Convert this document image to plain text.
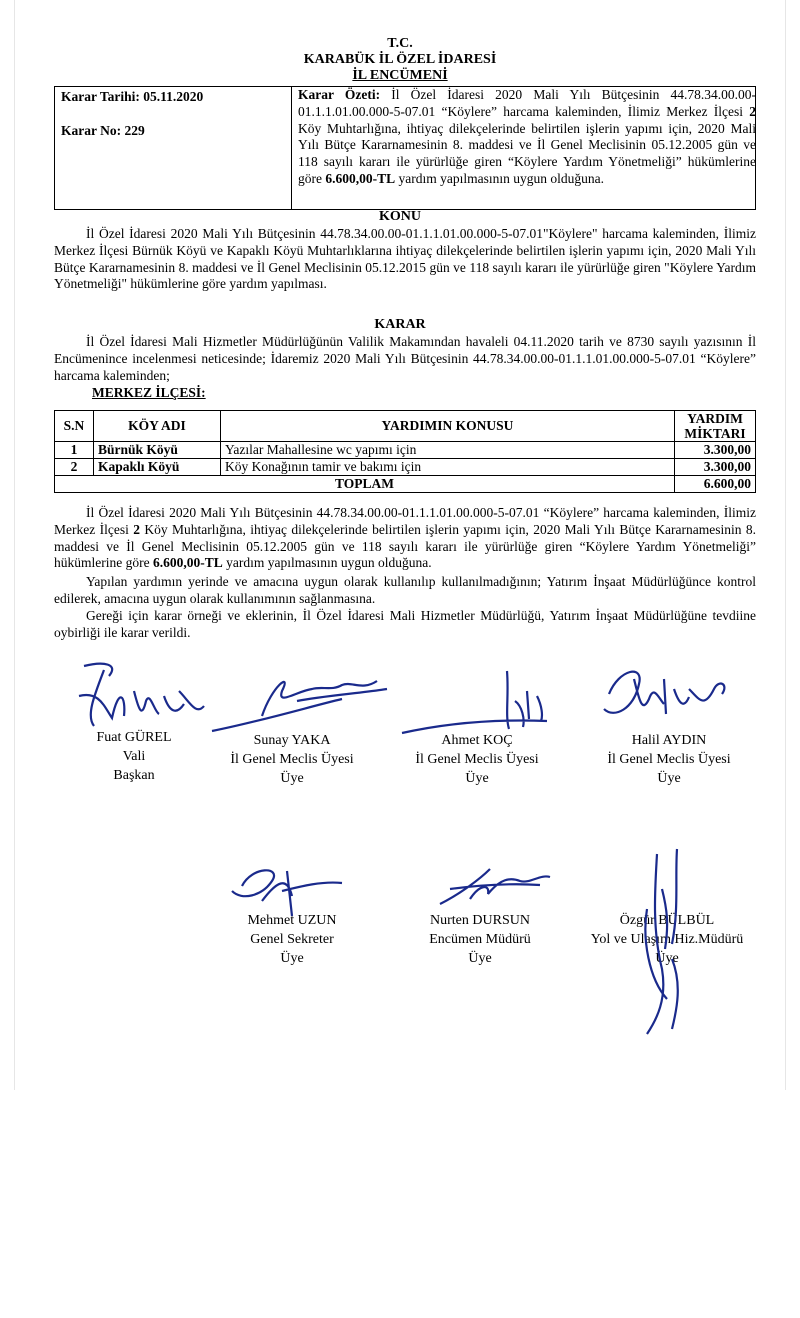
T.C.
KARABÜK İL ÖZEL İDARESİ
İL ENCÜMENİ
Karar Tarihi: 05.11.2020
Karar No: 229
Karar Özeti: İl Özel İdaresi 2020 Mali Yılı Bütçesinin 44.78.34.00.00-01.1.1.01.00.000-5-07.01 “Köylere” harcama kaleminden, İlimiz Merkez İlçesi 2 Köy Muhtarlığına, ihtiyaç dilekçelerinde belirtilen işlerin yapımı için, 2020 Mali Yılı Bütçe Kararnamesinin 8. maddesi ve İl Genel Meclisinin 05.12.2005 gün ve 118 sayılı kararı ile yürürlüğe giren “Köylere Yardım Yönetmeliği” hükümlerine göre 6.600,00-TL yardım yapılmasının uygun olduğuna.
KONU
İl Özel İdaresi 2020 Mali Yılı Bütçesinin 44.78.34.00.00-01.1.1.01.00.000-5-07.01"Köylere" harcama kaleminden, İlimiz Merkez İlçesi Bürnük Köyü ve Kapaklı Köyü Muhtarlıklarına ihtiyaç dilekçelerinde belirtilen işlerin yapımı için, 2020 Mali Yılı Bütçe Kararnamesinin 8. maddesi ve İl Genel Meclisinin 05.12.2015 gün ve 118 sayılı kararı ile yürürlüğe giren "Köylere Yardım Yönetmeliği" hükümlerine göre yardım yapılması.
KARAR
İl Özel İdaresi Mali Hizmetler Müdürlüğünün Valilik Makamından havaleli 04.11.2020 tarih ve 8730 sayılı yazısının İl Encümenince incelenmesi neticesinde; İdaremiz 2020 Mali Yılı Bütçesinin 44.78.34.00.00-01.1.1.01.00.000-5-07.01 “Köylere” harcama kaleminden;
MERKEZ İLÇESİ:
S.N	KÖY ADI	YARDIMIN KONUSU	YARDIM MİKTARI
1	Bürnük Köyü	Yazılar Mahallesine wc yapımı için	3.300,00
2	Kapaklı Köyü	Köy Konağının tamir ve bakımı için	3.300,00
TOPLAM			6.600,00
İl Özel İdaresi 2020 Mali Yılı Bütçesinin 44.78.34.00.00-01.1.1.01.00.000-5-07.01 “Köylere” harcama kaleminden, İlimiz Merkez İlçesi 2 Köy Muhtarlığına, ihtiyaç dilekçelerinde belirtilen işlerin yapımı için, 2020 Mali Yılı Bütçe Kararnamesinin 8. maddesi ve İl Genel Meclisinin 05.12.2005 gün ve 118 sayılı kararı ile yürürlüğe giren “Köylere Yardım Yönetmeliği” hükümlerine göre 6.600,00-TL yardım yapılmasının uygun olduğuna.
Yapılan yardımın yerinde ve amacına uygun olarak kullanılıp kullanılmadığının; Yatırım İnşaat Müdürlüğünce kontrol edilerek, amacına uygun olarak kullanımının sağlanmasına.
Gereği için karar örneği ve eklerinin, İl Özel İdaresi Mali Hizmetler Müdürlüğü, Yatırım İnşaat Müdürlüğüne tevdiine oybirliği ile karar verildi.
Fuat GÜREL
Vali
Başkan
Sunay YAKA
İl Genel Meclis Üyesi
Üye
Ahmet KOÇ
İl Genel Meclis Üyesi
Üye
Halil AYDIN
İl Genel Meclis Üyesi
Üye
Mehmet UZUN
Genel Sekreter
Üye
Nurten DURSUN
Encümen Müdürü
Üye
Özgür BÜLBÜL
Yol ve Ulaşım Hiz.Müdürü
Üye
